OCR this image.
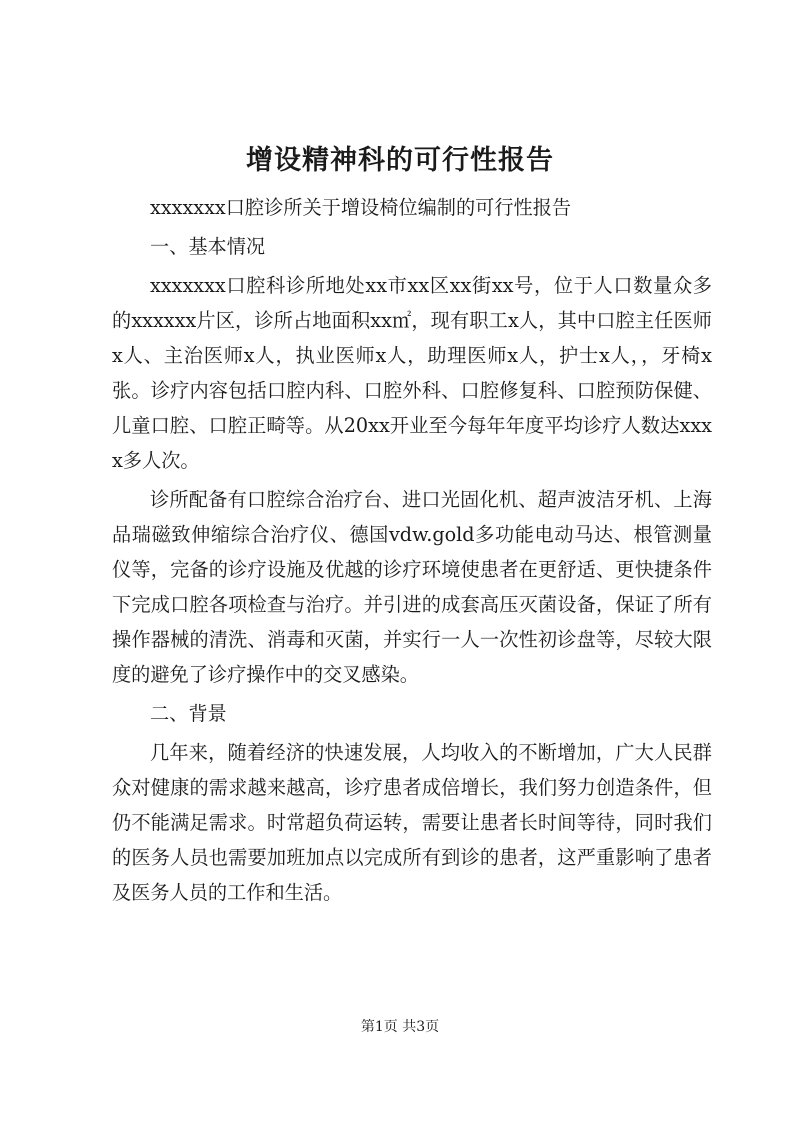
增设精神科的可行性报告

xxxxxxx口腔诊所关于增设椅位编制的可行性报告

一、基本情况

xxxxxxx口腔科诊所地处xx市xx区xx街xx号，位于人口数量众多的xxxxxx片区，诊所占地面积xx㎡，现有职工x人，其中口腔主任医师x人、主治医师x人，执业医师x人，助理医师x人，护士x人，，牙椅x张。诊疗内容包括口腔内科、口腔外科、口腔修复科、口腔预防保健、儿童口腔、口腔正畸等。从20xx开业至今每年年度平均诊疗人数达xxxx多人次。

诊所配备有口腔综合治疗台、进口光固化机、超声波洁牙机、上海品瑞磁致伸缩综合治疗仪、德国vdw.gold多功能电动马达、根管测量仪等，完备的诊疗设施及优越的诊疗环境使患者在更舒适、更快捷条件下完成口腔各项检查与治疗。并引进的成套高压灭菌设备，保证了所有操作器械的清洗、消毒和灭菌，并实行一人一次性初诊盘等，尽较大限度的避免了诊疗操作中的交叉感染。

二、背景

几年来，随着经济的快速发展，人均收入的不断增加，广大人民群众对健康的需求越来越高，诊疗患者成倍增长，我们努力创造条件，但仍不能满足需求。时常超负荷运转，需要让患者长时间等待，同时我们的医务人员也需要加班加点以完成所有到诊的患者，这严重影响了患者及医务人员的工作和生活。

第1页 共3页
